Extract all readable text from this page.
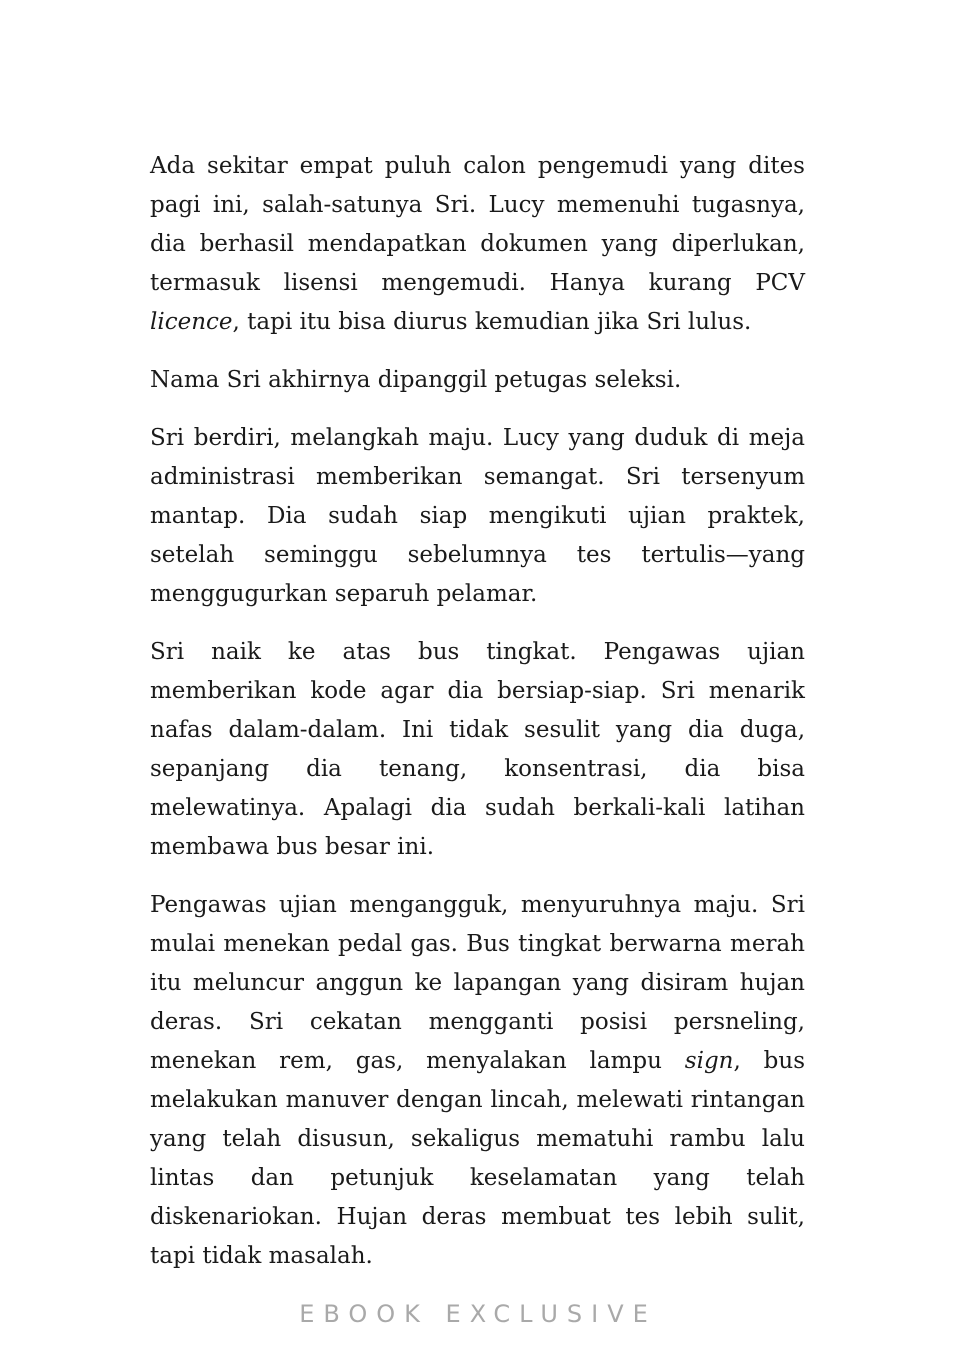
Ada sekitar empat puluh calon pengemudi yang dites pagi ini, salah-satunya Sri. Lucy memenuhi tugasnya, dia berhasil mendapatkan dokumen yang diperlukan, termasuk lisensi mengemudi. Hanya kurang PCV licence, tapi itu bisa diurus kemudian jika Sri lulus.

Nama Sri akhirnya dipanggil petugas seleksi.

Sri berdiri, melangkah maju. Lucy yang duduk di meja administrasi memberikan semangat. Sri tersenyum mantap. Dia sudah siap mengikuti ujian praktek, setelah seminggu sebelumnya tes tertulis—yang menggugurkan separuh pelamar.

Sri naik ke atas bus tingkat. Pengawas ujian memberikan kode agar dia bersiap-siap. Sri menarik nafas dalam-dalam. Ini tidak sesulit yang dia duga, sepanjang dia tenang, konsentrasi, dia bisa melewatinya. Apalagi dia sudah berkali-kali latihan membawa bus besar ini.

Pengawas ujian mengangguk, menyuruhnya maju. Sri mulai menekan pedal gas. Bus tingkat berwarna merah itu meluncur anggun ke lapangan yang disiram hujan deras. Sri cekatan mengganti posisi persneling, menekan rem, gas, menyalakan lampu sign, bus melakukan manuver dengan lincah, melewati rintangan yang telah disusun, sekaligus mematuhi rambu lalu lintas dan petunjuk keselamatan yang telah diskenariokan. Hujan deras membuat tes lebih sulit, tapi tidak masalah.

EBOOK EXCLUSIVE
